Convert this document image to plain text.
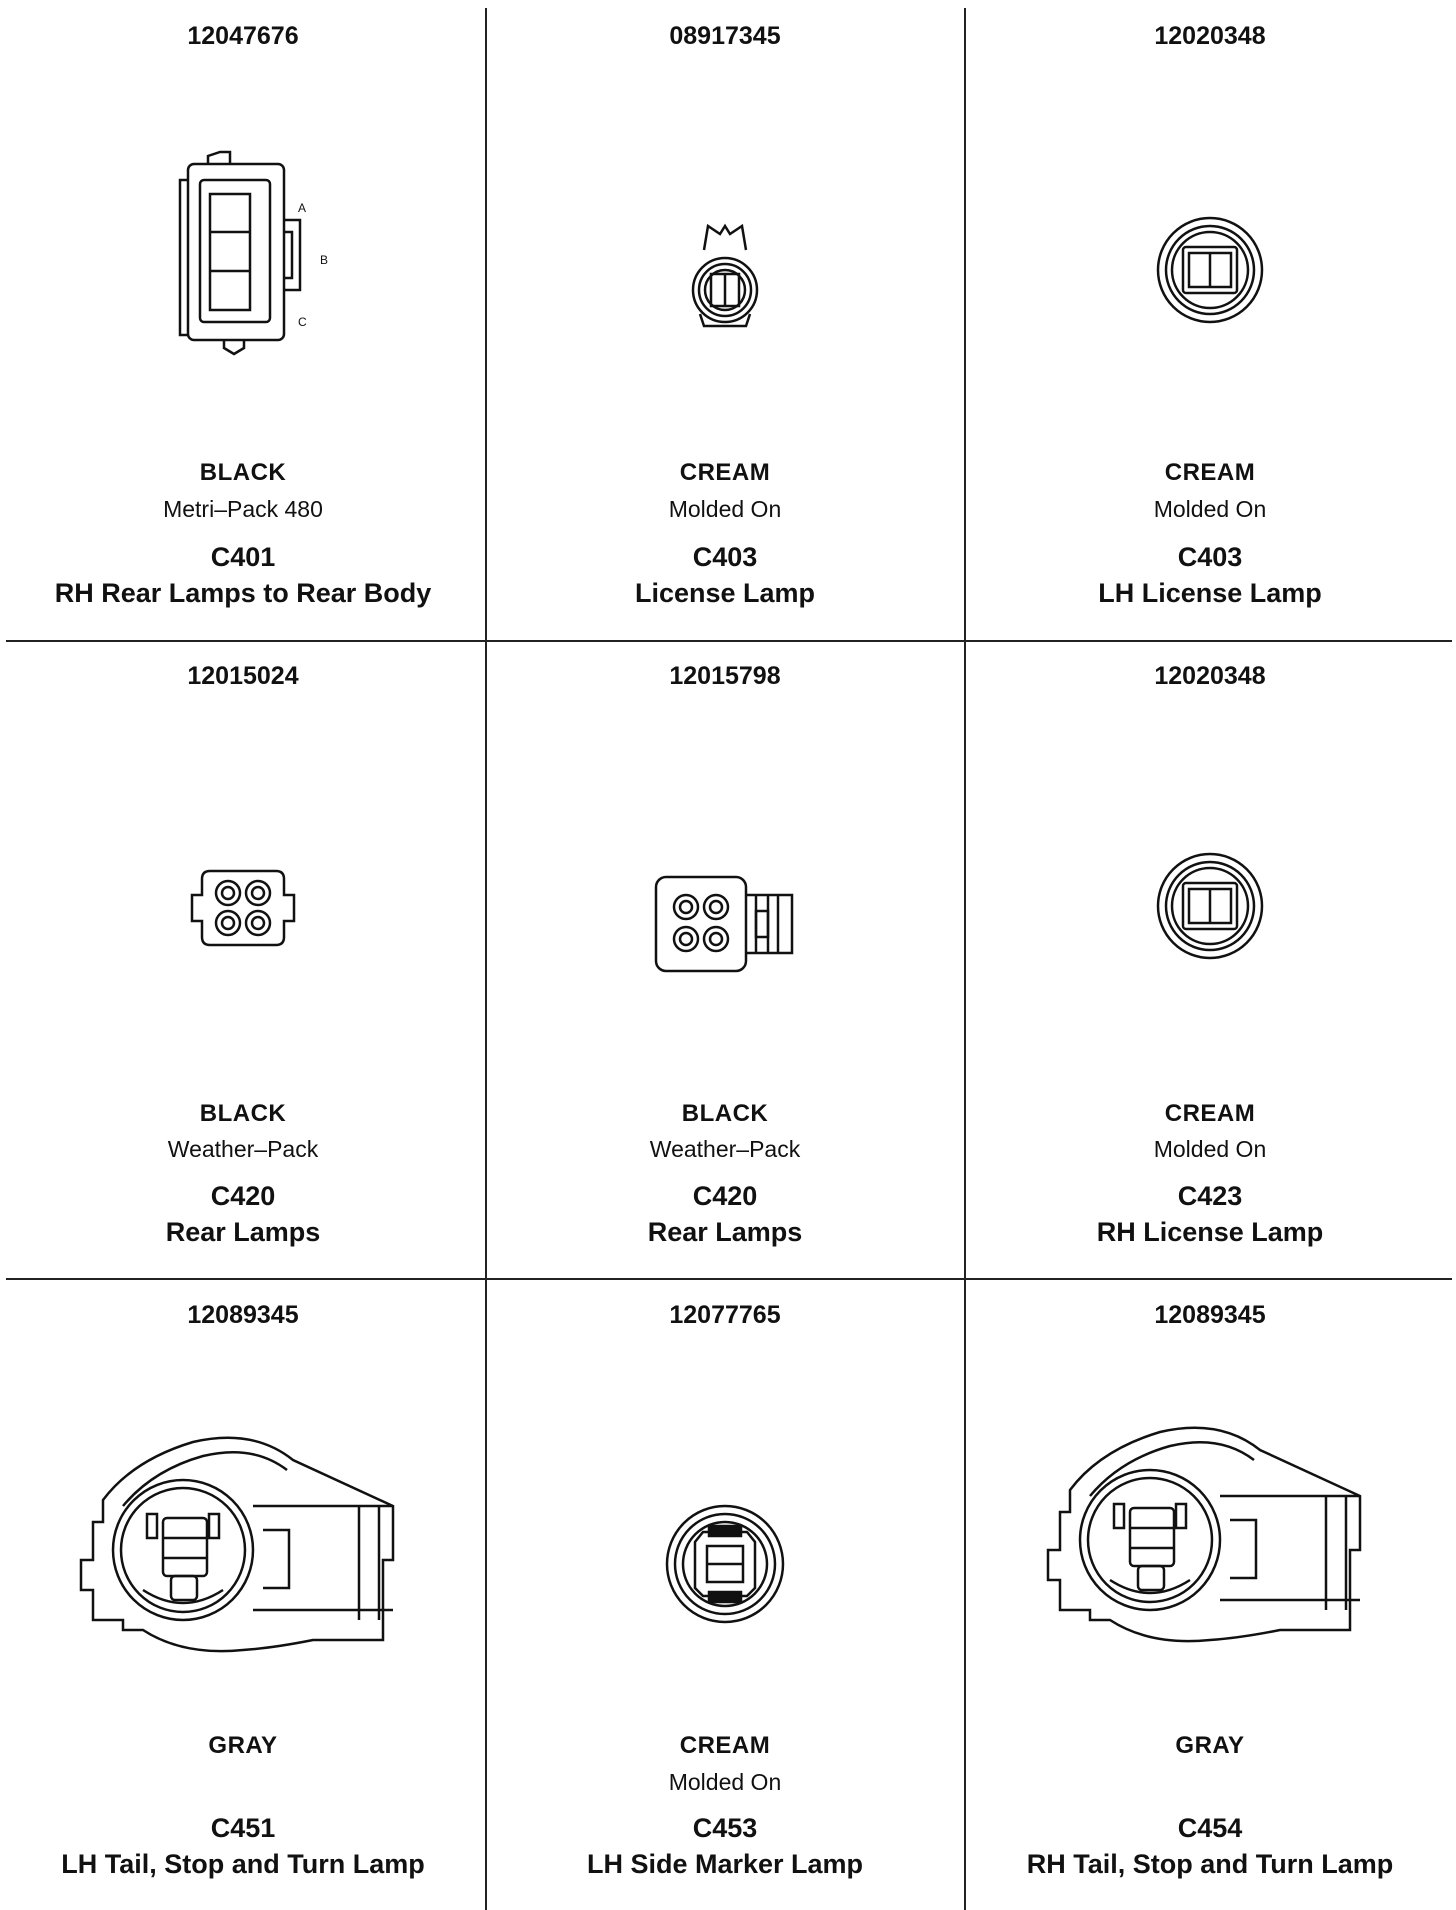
12047676
A
B
C
BLACK
Metri–Pack 480
C401
RH Rear Lamps to Rear Body
08917345
CREAM
Molded On
C403
License Lamp
12020348
CREAM
Molded On
C403
LH License Lamp
12015024
BLACK
Weather–Pack
C420
Rear Lamps
12015798
BLACK
Weather–Pack
C420
Rear Lamps
12020348
CREAM
Molded On
C423
RH License Lamp
12089345
GRAY
C451
LH Tail, Stop and Turn Lamp
12077765
CREAM
Molded On
C453
LH Side Marker Lamp
12089345
GRAY
C454
RH Tail, Stop and Turn Lamp
